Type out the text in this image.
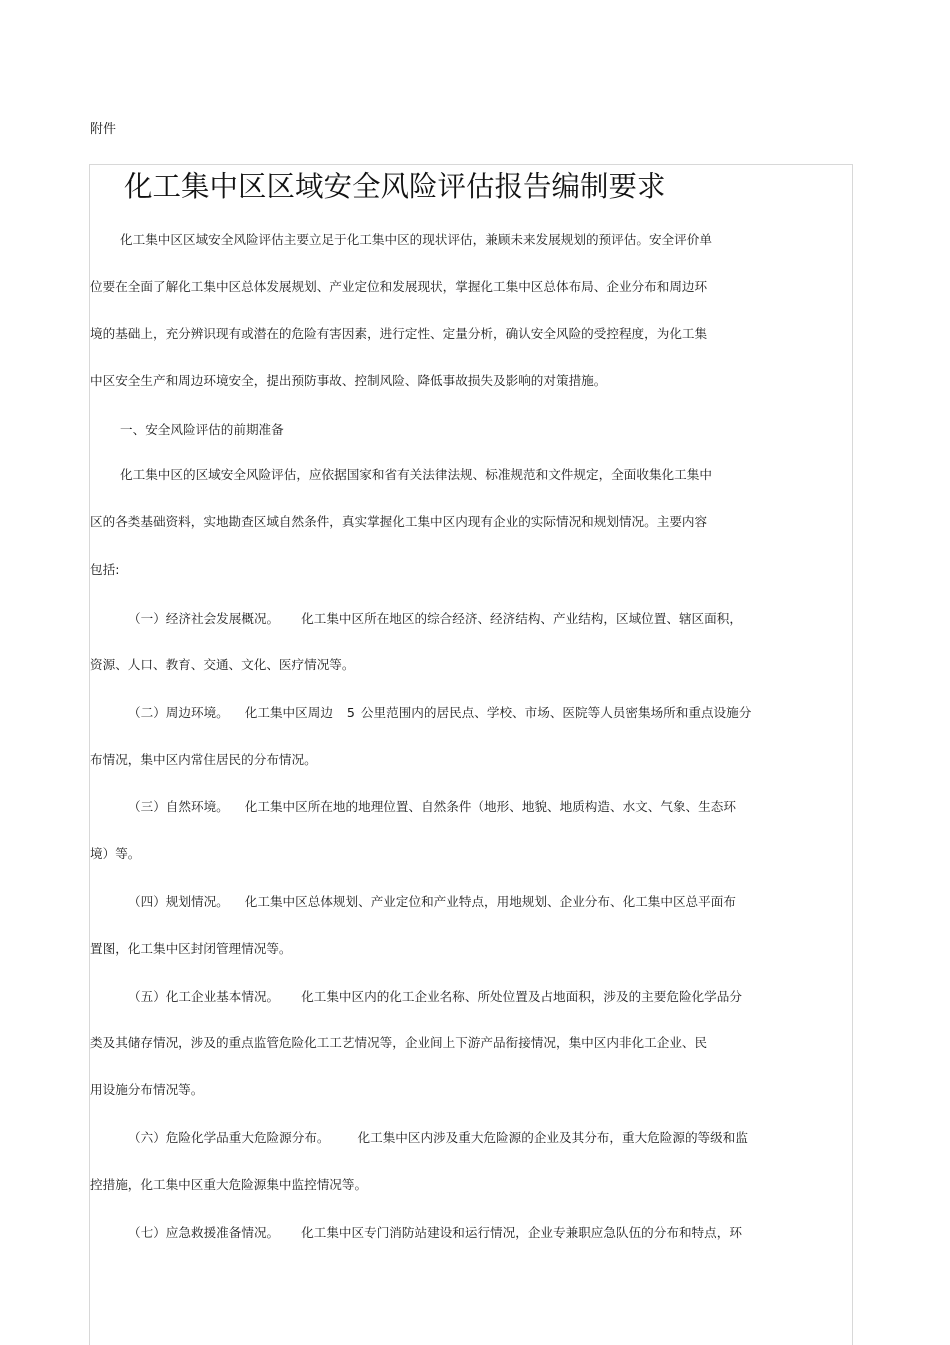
附件
化工集中区区域安全风险评估报告编制要求
化工集中区区域安全风险评估主要立足于化工集中区的现状评估，兼顾未来发展规划的预评估。安全评价单
位要在全面了解化工集中区总体发展规划、产业定位和发展现状，掌握化工集中区总体布局、企业分布和周边环
境的基础上，充分辨识现有或潜在的危险有害因素，进行定性、定量分析，确认安全风险的受控程度，为化工集
中区安全生产和周边环境安全，提出预防事故、控制风险、降低事故损失及影响的对策措施。
一、安全风险评估的前期准备
化工集中区的区域安全风险评估，应依据国家和省有关法律法规、标准规范和文件规定，全面收集化工集中
区的各类基础资料，实地勘查区域自然条件，真实掌握化工集中区内现有企业的实际情况和规划情况。主要内容
包括:
（一）经济社会发展概况。 化工集中区所在地区的综合经济、经济结构、产业结构，区域位置、辖区面积，
资源、人口、教育、交通、文化、医疗情况等。
（二）周边环境。 化工集中区周边 5 公里范围内的居民点、学校、市场、医院等人员密集场所和重点设施分
布情况，集中区内常住居民的分布情况。
（三）自然环境。 化工集中区所在地的地理位置、自然条件（地形、地貌、地质构造、水文、气象、生态环
境）等。
（四）规划情况。 化工集中区总体规划、产业定位和产业特点，用地规划、企业分布、化工集中区总平面布
置图，化工集中区封闭管理情况等。
（五）化工企业基本情况。 化工集中区内的化工企业名称、所处位置及占地面积，涉及的主要危险化学品分
类及其储存情况，涉及的重点监管危险化工工艺情况等，企业间上下游产品衔接情况，集中区内非化工企业、民
用设施分布情况等。
（六）危险化学品重大危险源分布。 化工集中区内涉及重大危险源的企业及其分布，重大危险源的等级和监
控措施，化工集中区重大危险源集中监控情况等。
（七）应急救援准备情况。 化工集中区专门消防站建设和运行情况，企业专兼职应急队伍的分布和特点，环
